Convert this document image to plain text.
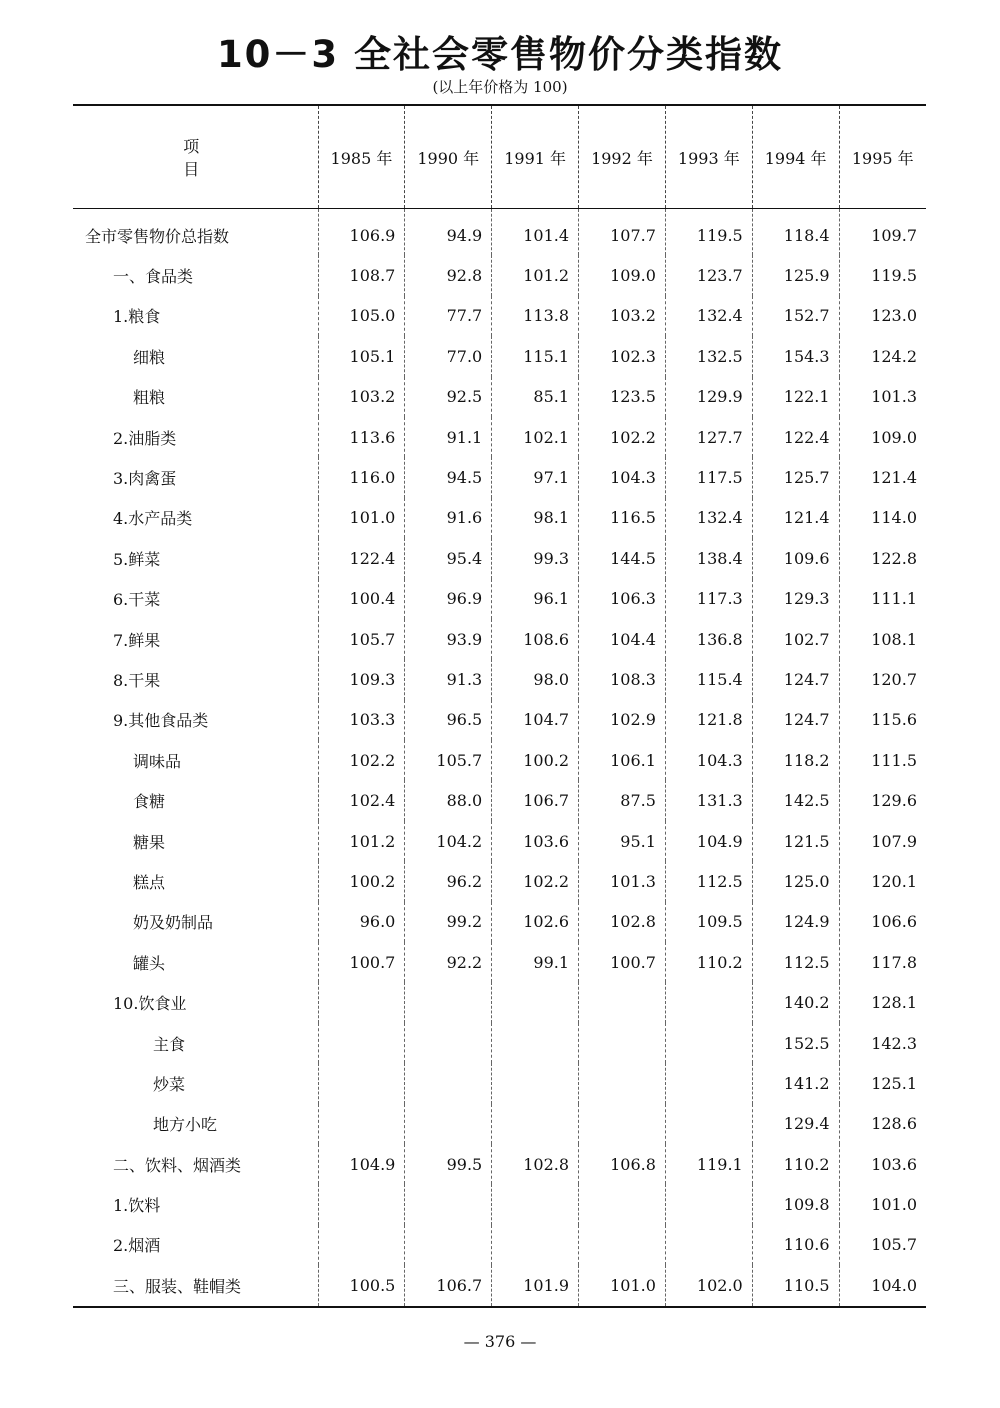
10－3 全社会零售物价分类指数
(以上年价格为 100)
项　目	1985 年	1990 年	1991 年	1992 年	1993 年	1994 年	1995 年
全市零售物价总指数	106.9	94.9	101.4	107.7	119.5	118.4	109.7
一、食品类	108.7	92.8	101.2	109.0	123.7	125.9	119.5
1.粮食	105.0	77.7	113.8	103.2	132.4	152.7	123.0
细粮	105.1	77.0	115.1	102.3	132.5	154.3	124.2
粗粮	103.2	92.5	85.1	123.5	129.9	122.1	101.3
2.油脂类	113.6	91.1	102.1	102.2	127.7	122.4	109.0
3.肉禽蛋	116.0	94.5	97.1	104.3	117.5	125.7	121.4
4.水产品类	101.0	91.6	98.1	116.5	132.4	121.4	114.0
5.鲜菜	122.4	95.4	99.3	144.5	138.4	109.6	122.8
6.干菜	100.4	96.9	96.1	106.3	117.3	129.3	111.1
7.鲜果	105.7	93.9	108.6	104.4	136.8	102.7	108.1
8.干果	109.3	91.3	98.0	108.3	115.4	124.7	120.7
9.其他食品类	103.3	96.5	104.7	102.9	121.8	124.7	115.6
调味品	102.2	105.7	100.2	106.1	104.3	118.2	111.5
食糖	102.4	88.0	106.7	87.5	131.3	142.5	129.6
糖果	101.2	104.2	103.6	95.1	104.9	121.5	107.9
糕点	100.2	96.2	102.2	101.3	112.5	125.0	120.1
奶及奶制品	96.0	99.2	102.6	102.8	109.5	124.9	106.6
罐头	100.7	92.2	99.1	100.7	110.2	112.5	117.8
10.饮食业						140.2	128.1
主食						152.5	142.3
炒菜						141.2	125.1
地方小吃						129.4	128.6
二、饮料、烟酒类	104.9	99.5	102.8	106.8	119.1	110.2	103.6
1.饮料						109.8	101.0
2.烟酒						110.6	105.7
三、服装、鞋帽类	100.5	106.7	101.9	101.0	102.0	110.5	104.0
— 376 —
